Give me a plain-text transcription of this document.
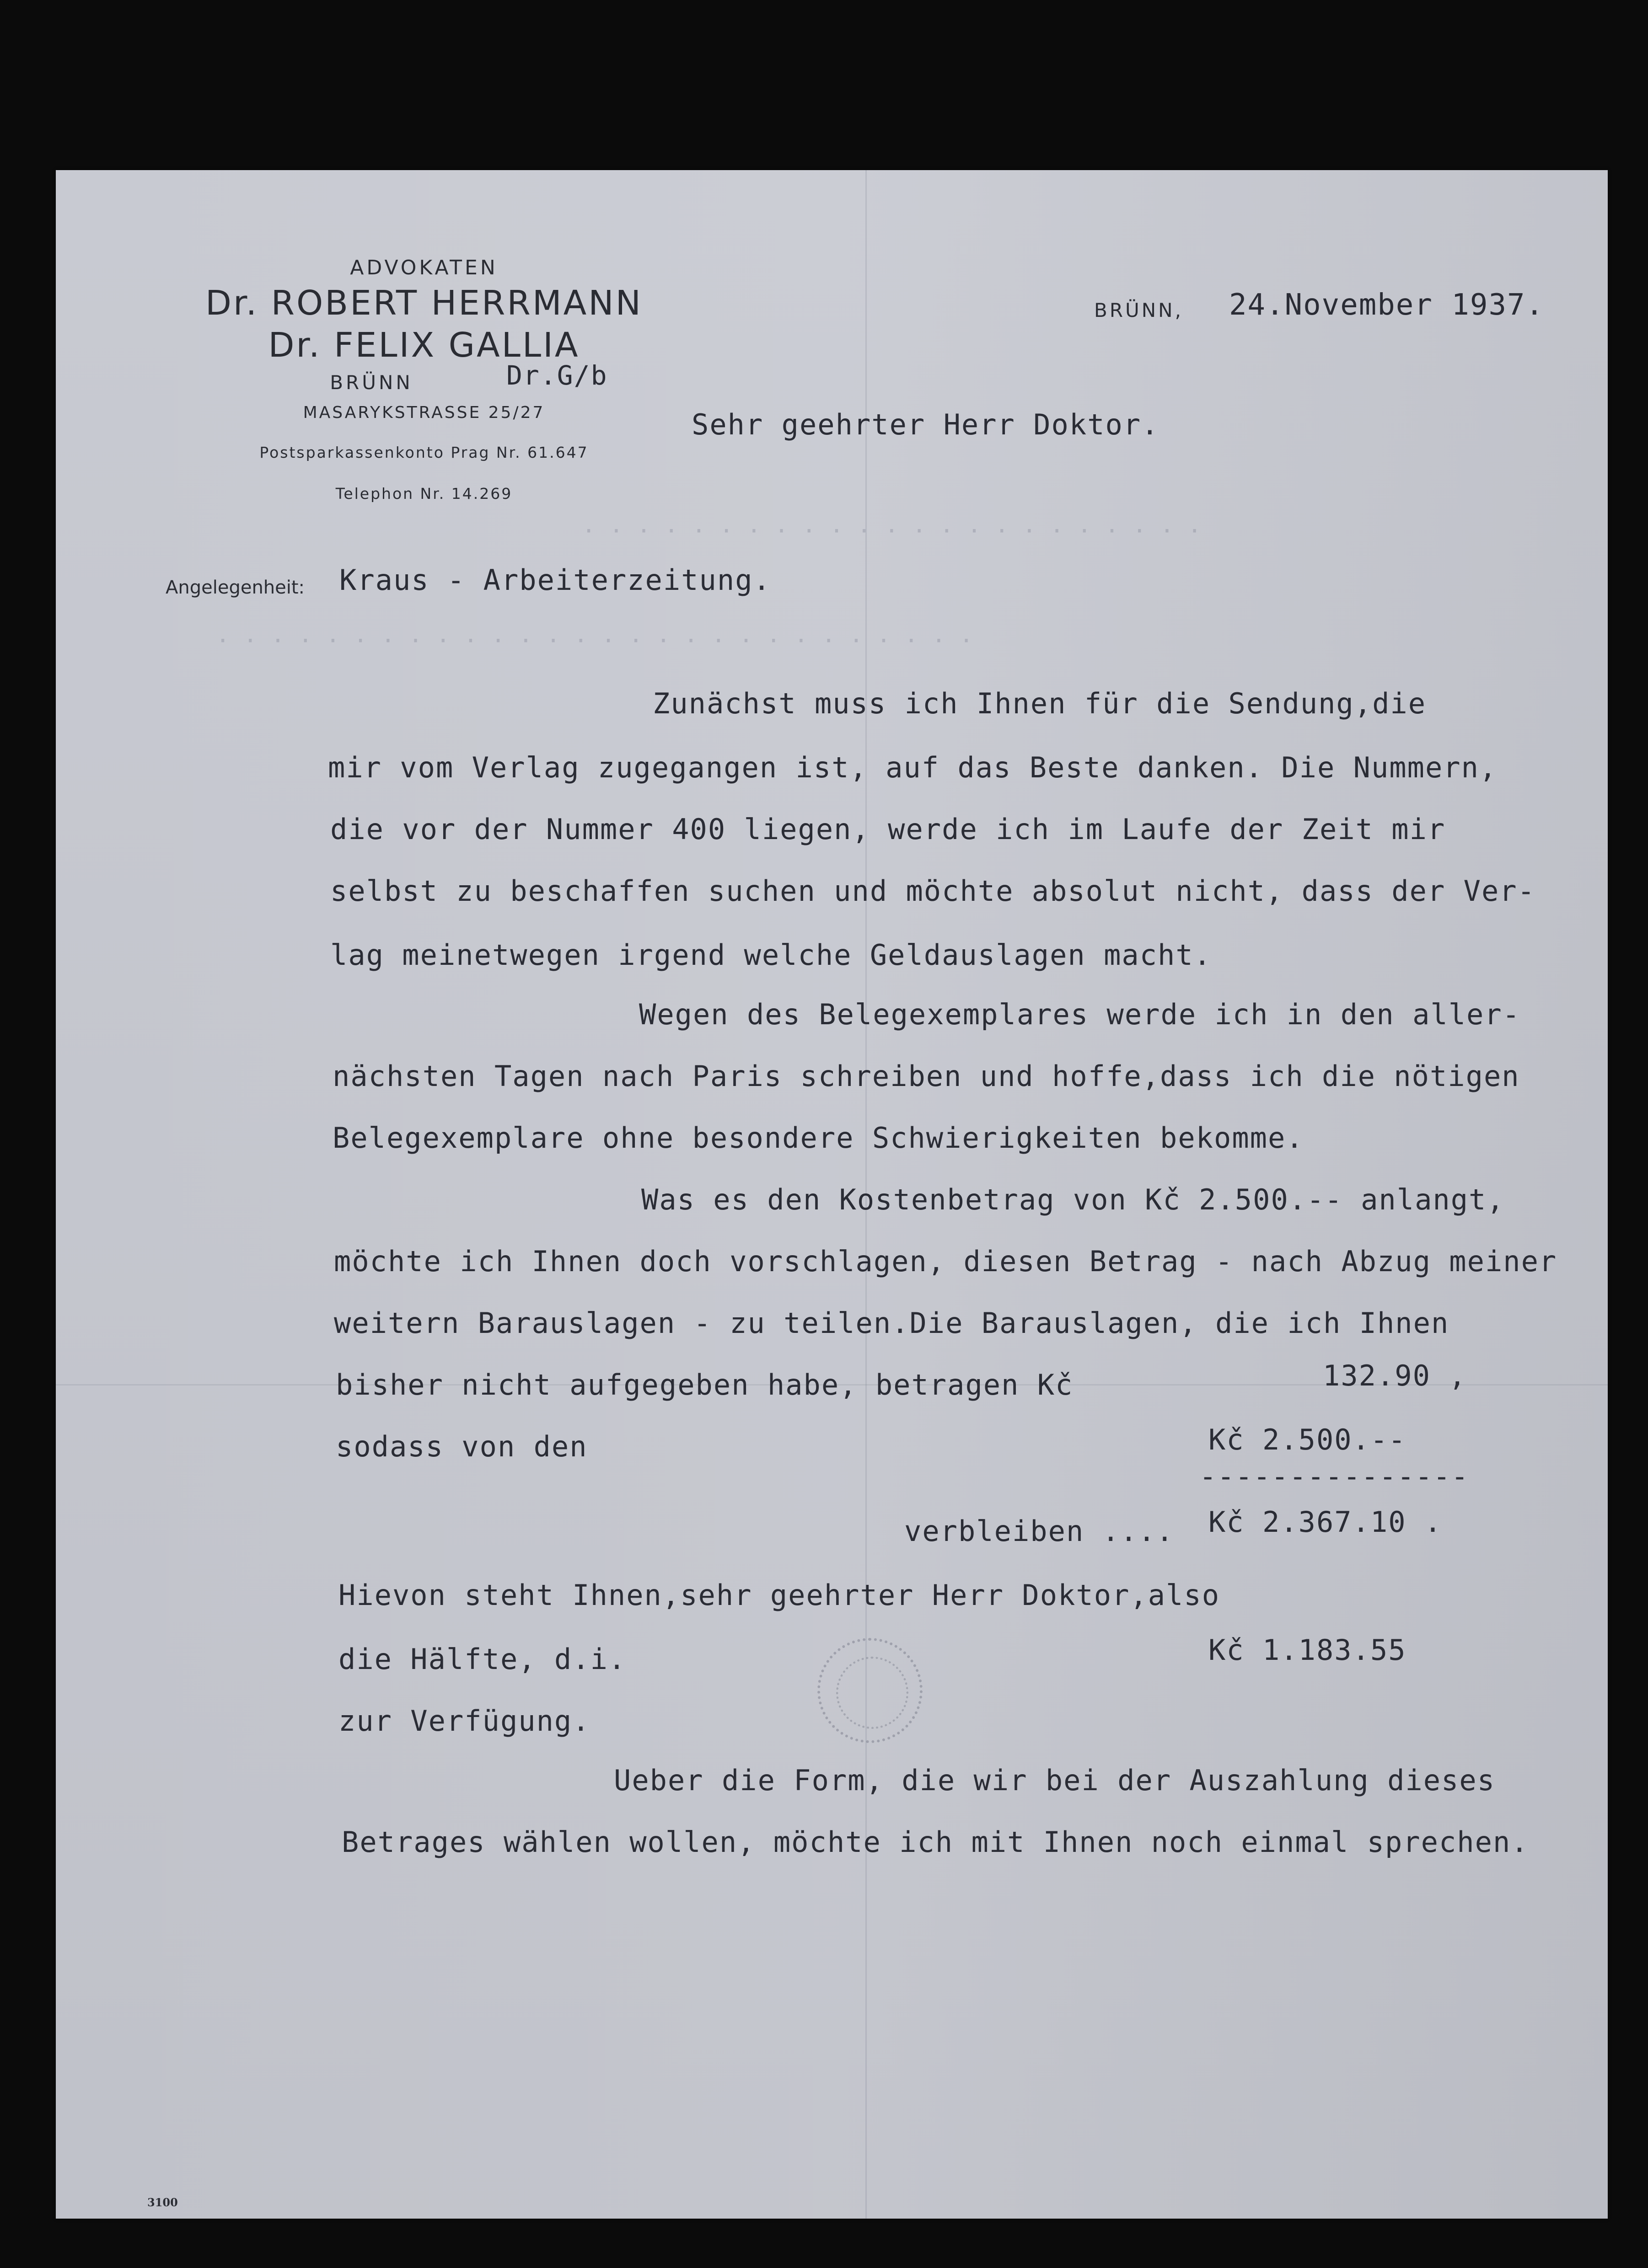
· · · · · · · · · · · · · · · · · · · · · · ·
· · · · · · · · · · · · · · · · · · · · · · · · · · · ·
ADVOKATEN
Dr. ROBERT HERRMANN
Dr. FELIX GALLIA
BRÜNN
MASARYKSTRASSE 25/27
Postsparkassenkonto Prag Nr. 61.647
Telephon Nr. 14.269
Dr.G/b
BRÜNN, 24.November 1937.
Sehr geehrter Herr Doktor.
Angelegenheit: Kraus - Arbeiterzeitung.
Zunächst muss ich Ihnen für die Sendung,die
mir vom Verlag zugegangen ist, auf das Beste danken. Die Nummern,
die vor der Nummer 400 liegen, werde ich im Laufe der Zeit mir
selbst zu beschaffen suchen und möchte absolut nicht, dass der Ver-
lag meinetwegen irgend welche Geldauslagen macht.
Wegen des Belegexemplares werde ich in den aller-
nächsten Tagen nach Paris schreiben und hoffe,dass ich die nötigen
Belegexemplare ohne besondere Schwierigkeiten bekomme.
Was es den Kostenbetrag von Kč 2.500.-- anlangt,
möchte ich Ihnen doch vorschlagen, diesen Betrag - nach Abzug meiner
weitern Barauslagen - zu teilen.Die Barauslagen, die ich Ihnen
bisher nicht aufgegeben habe, betragen Kč
sodass von den
132.90 ,
Kč 2.500.--
---------------
verbleiben .... Kč 2.367.10 .
Hievon steht Ihnen,sehr geehrter Herr Doktor,also
die Hälfte, d.i.	Kč 1.183.55
zur Verfügung.
Ueber die Form, die wir bei der Auszahlung dieses
Betrages wählen wollen, möchte ich mit Ihnen noch einmal sprechen.
3100
